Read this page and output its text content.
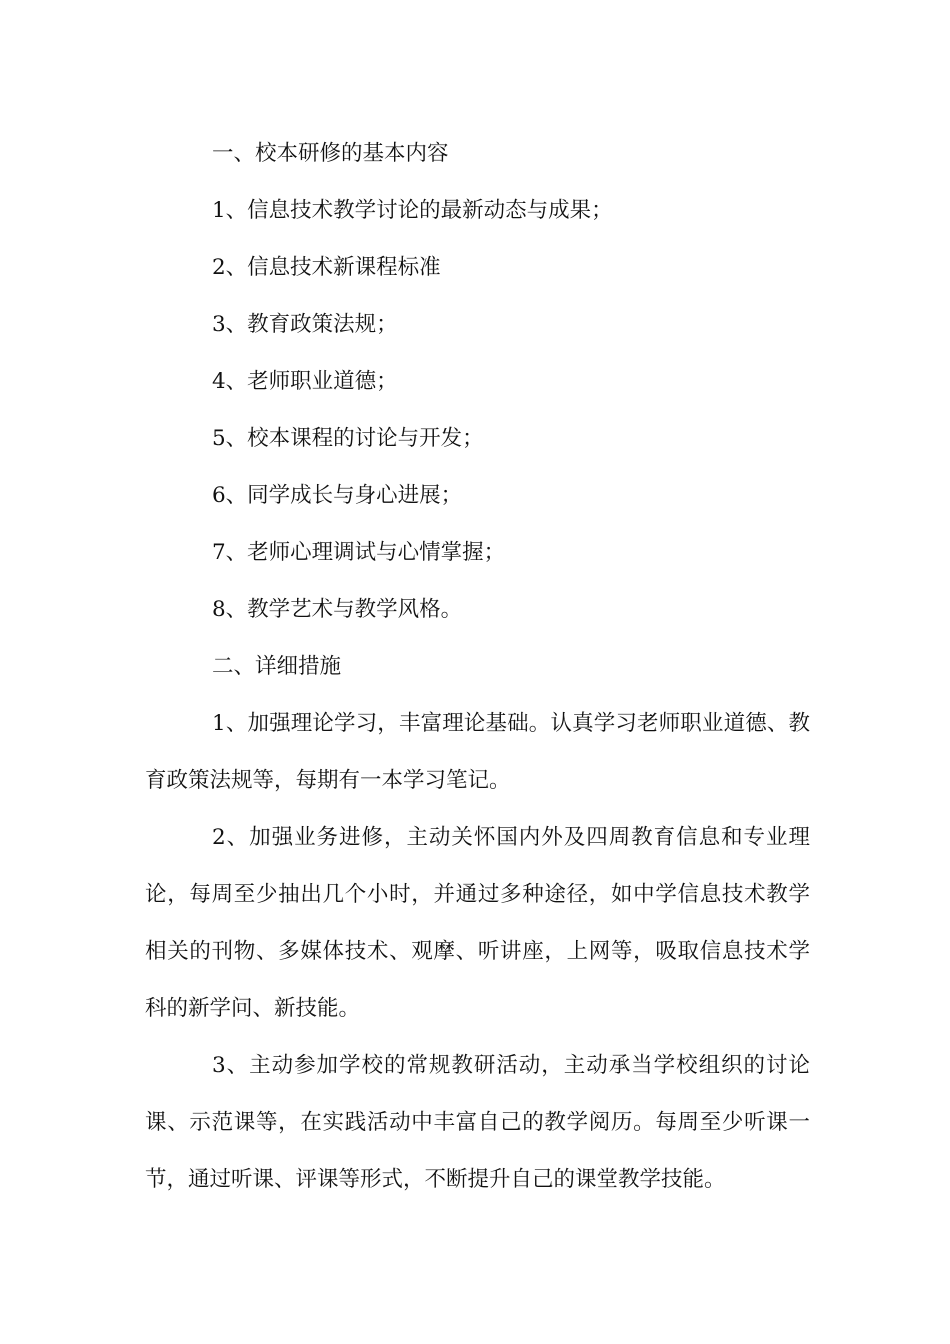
一、校本研修的基本内容

1、信息技术教学讨论的最新动态与成果；

2、信息技术新课程标准

3、教育政策法规；

4、老师职业道德；

5、校本课程的讨论与开发；

6、同学成长与身心进展；

7、老师心理调试与心情掌握；

8、教学艺术与教学风格。

二、详细措施

1、加强理论学习，丰富理论基础。认真学习老师职业道德、教育政策法规等，每期有一本学习笔记。

2、加强业务进修，主动关怀国内外及四周教育信息和专业理论，每周至少抽出几个小时，并通过多种途径，如中学信息技术教学相关的刊物、多媒体技术、观摩、听讲座，上网等，吸取信息技术学科的新学问、新技能。

3、主动参加学校的常规教研活动，主动承当学校组织的讨论课、示范课等，在实践活动中丰富自己的教学阅历。每周至少听课一节，通过听课、评课等形式，不断提升自己的课堂教学技能。
